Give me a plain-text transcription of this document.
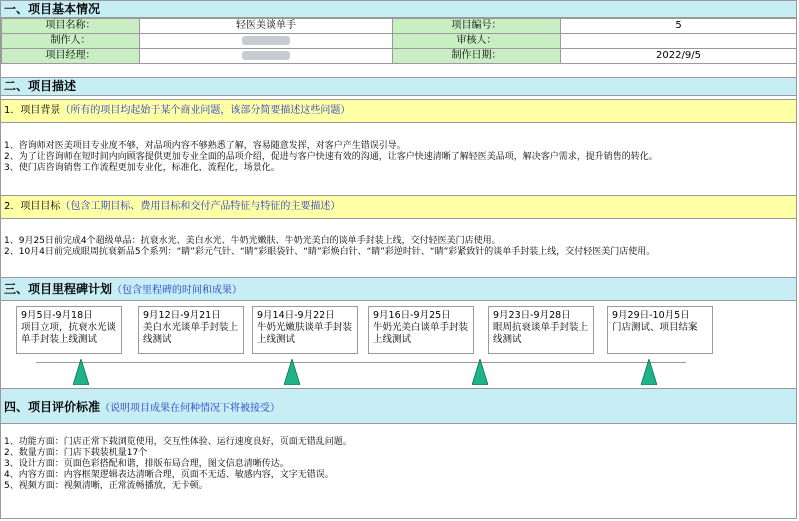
一、项目基本情况
项目名称：	轻医美谈单手	项目编号：	5
制作人：		审核人：	
项目经理：		制作日期：	2022/9/5
二、项目描述
1．项目背景（所有的项目均起始于某个商业问题，该部分简要描述这些问题）
1、咨询师对医美项目专业度不够，对品项内容不够熟悉了解，容易随意发挥，对客户产生错误引导。
2、为了让咨询师在短时间内向顾客提供更加专业全面的品项介绍，促进与客户快速有效的沟通，让客户快速清晰了解轻医美品项，解决客户需求，提升销售的转化。
3、使门店咨询销售工作流程更加专业化，标准化，流程化，场景化。
2．项目目标（包含工期目标、费用目标和交付产品特征与特征的主要描述）
1、9月25日前完成4个超级单品：抗衰水光、美白水光、牛奶光嫩肤、牛奶光美白的谈单手封装上线，交付轻医美门店使用。
2、10月4日前完成眼周抗衰新品5个系列：“睛”彩元气针、“睛”彩眼袋针、“睛”彩焕白针、“睛”彩逆时针、“睛”彩紧致针的谈单手封装上线，交付轻医美门店使用。
三、项目里程碑计划（包含里程碑的时间和成果）
9月5日-9月18日
项目立项，抗衰水光谈单手封装上线测试
9月12日-9月21日
美白水光谈单手封装上线测试
9月14日-9月22日
牛奶光嫩肤谈单手封装上线测试
9月16日-9月25日
牛奶光美白谈单手封装上线测试
9月23日-9月28日
眼周抗衰谈单手封装上线测试
9月29日-10月5日
门店测试、项目结案
四、项目评价标准（说明项目成果在何种情况下将被接受）
1、功能方面：门店正常下载浏览使用，交互性体验、运行速度良好，页面无错乱问题。
2、数量方面：门店下载装机量17个
3、设计方面：页面色彩搭配和谐，排版布局合理，图文信息清晰传达。
4、内容方面：内容框架逻辑表达清晰合理，页面不无适、敏感内容，文字无错误。
5、视频方面：视频清晰，正常流畅播放，无卡顿。
